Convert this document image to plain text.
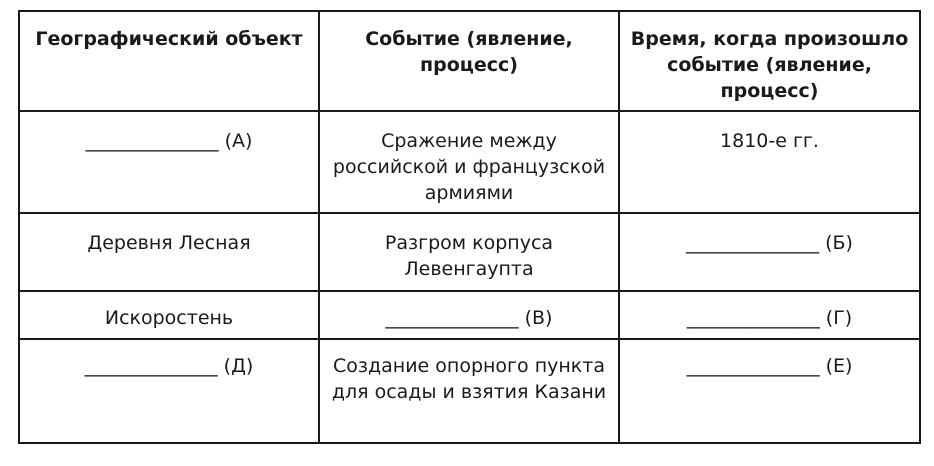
Географический объект	Событие (явление, процесс)	Время, когда произошло событие (явление, процесс)
______________ (А)	Сражение между российской и французской армиями	1810-е гг.
Деревня Лесная	Разгром корпуса Левенгаупта	______________ (Б)
Искоростень	______________ (В)	______________ (Г)
______________ (Д)	Создание опорного пункта для осады и взятия Казани	______________ (Е)
